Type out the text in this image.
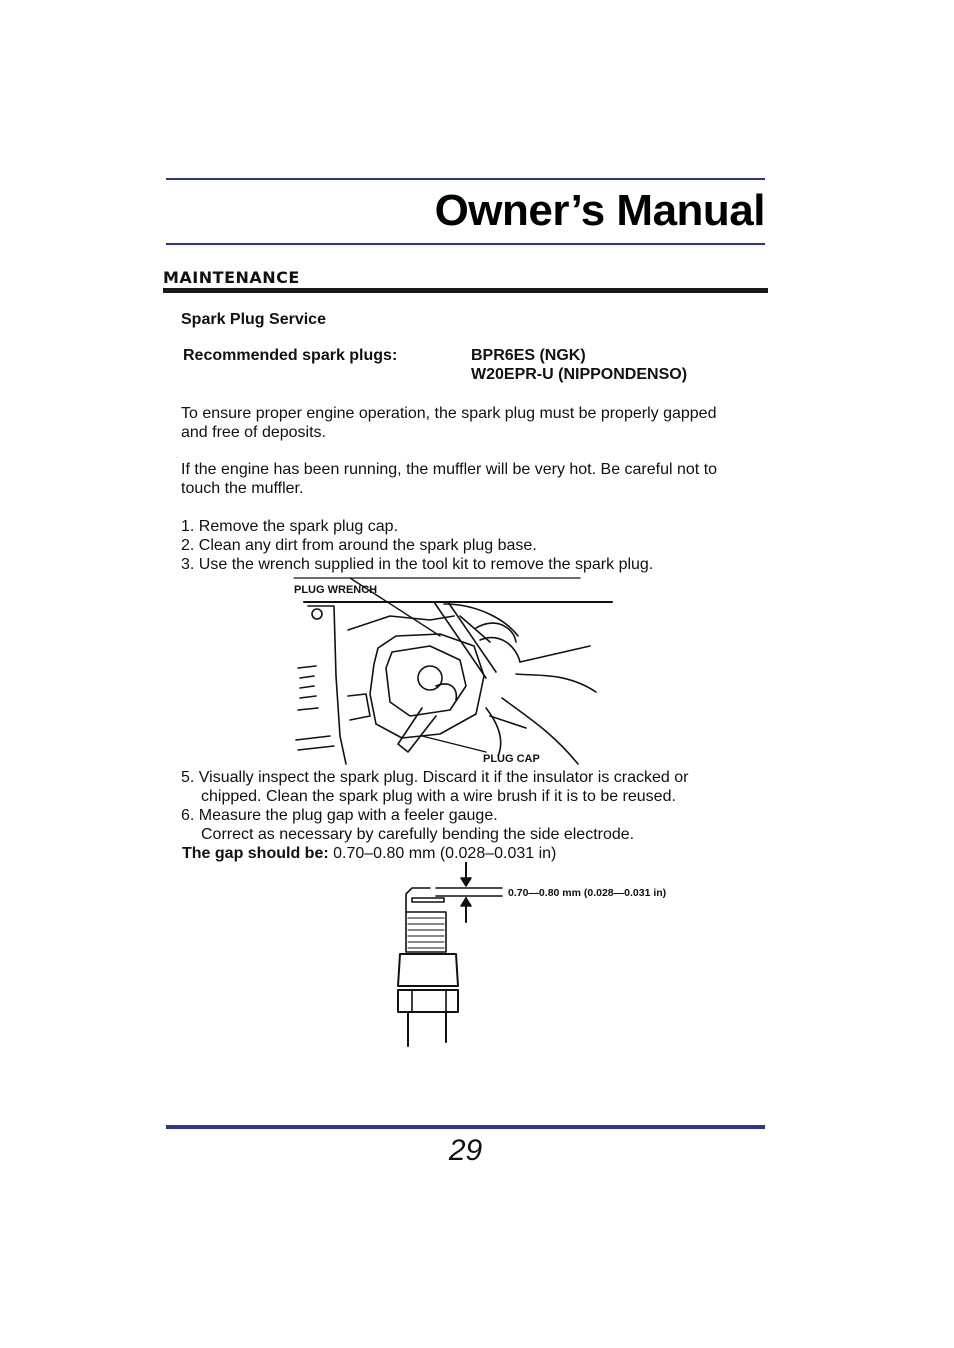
Owner’s Manual
MAINTENANCE
Spark Plug Service
Recommended spark plugs:	BPR6ES (NGK)
W20EPR-U (NIPPONDENSO)
To ensure proper engine operation, the spark plug must be properly gapped
and free of deposits.
If the engine has been running, the muffler will be very hot. Be careful not to
touch the muffler.
1. Remove the spark plug cap.
2. Clean any dirt from around the spark plug base.
3. Use the wrench supplied in the tool kit to remove the spark plug.
PLUG WRENCH
PLUG CAP
5. Visually inspect the spark plug. Discard it if the insulator is cracked or
chipped. Clean the spark plug with a wire brush if it is to be reused.
6. Measure the plug gap with a feeler gauge.
Correct as necessary by carefully bending the side electrode.
The gap should be: 0.70–0.80 mm (0.028–0.031 in)
0.70—0.80 mm (0.028—0.031 in)
29
